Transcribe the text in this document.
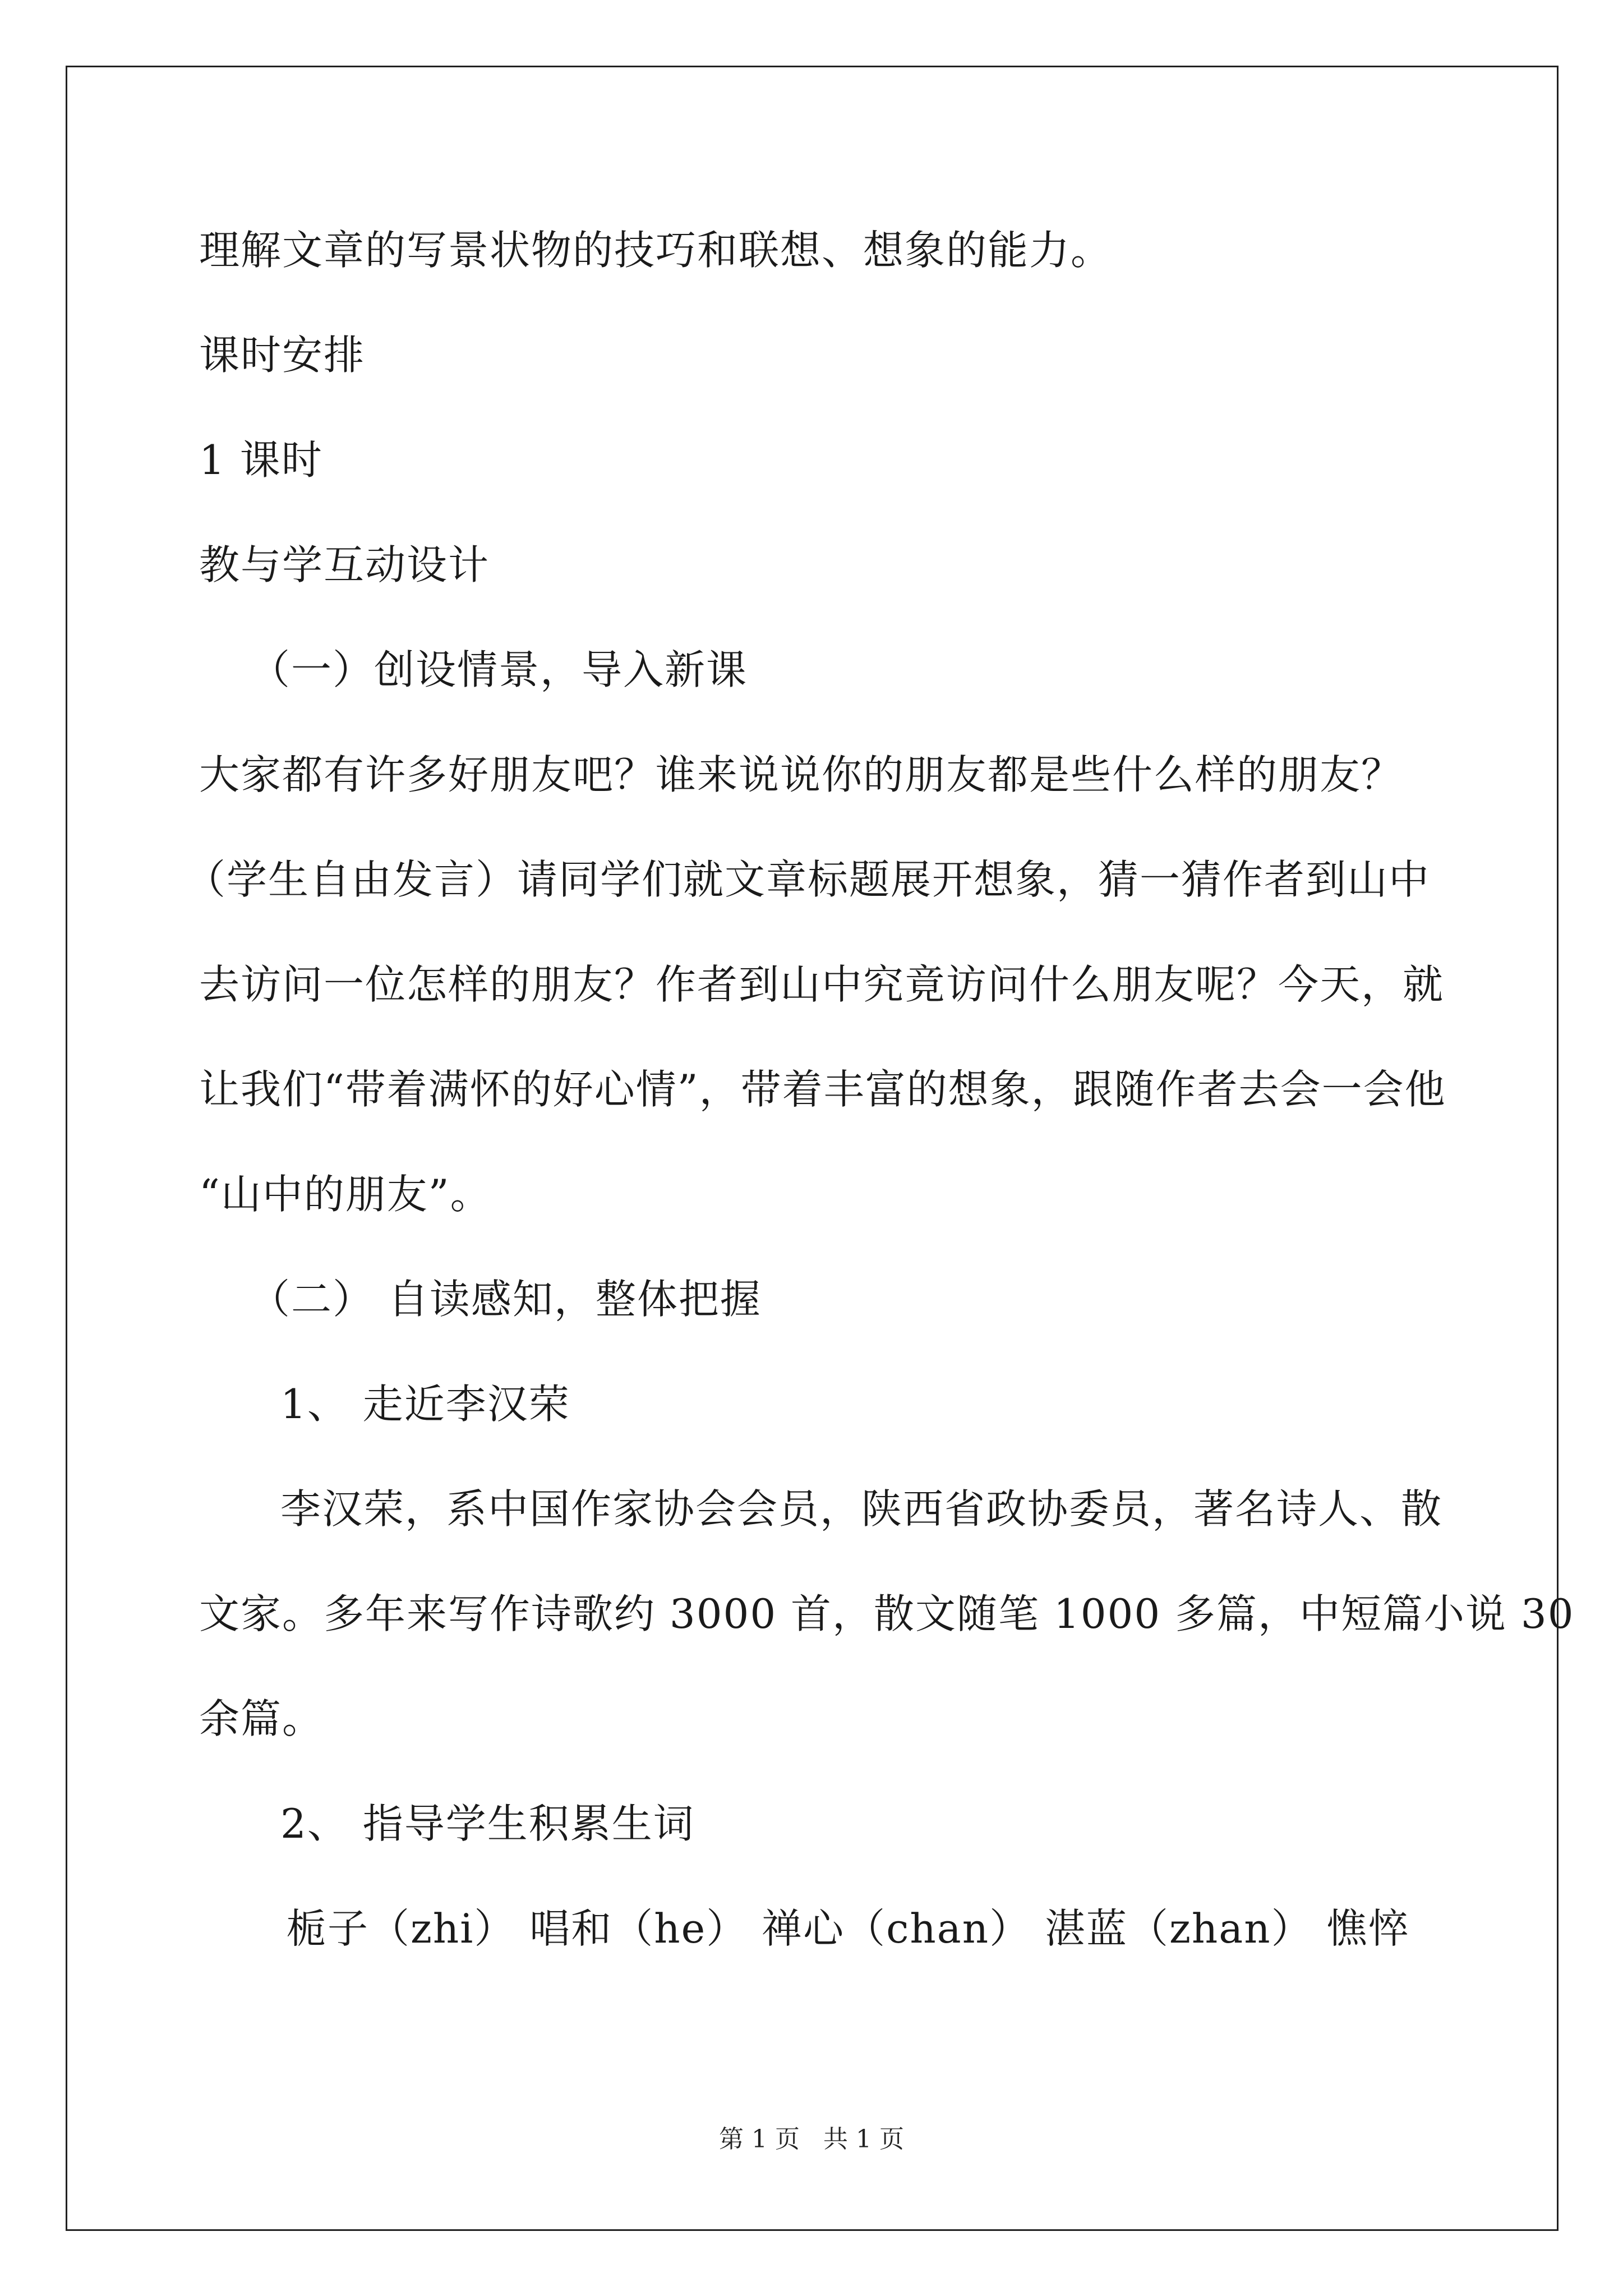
理解文章的写景状物的技巧和联想、想象的能力。

课时安排

1 课时

教与学互动设计

（一）创设情景，导入新课

大家都有许多好朋友吧？谁来说说你的朋友都是些什么样的朋友？

（学生自由发言）请同学们就文章标题展开想象，猜一猜作者到山中

去访问一位怎样的朋友？作者到山中究竟访问什么朋友呢？今天，就

让我们“带着满怀的好心情”，带着丰富的想象，跟随作者去会一会他

“山中的朋友”。

（二） 自读感知，整体把握

1、 走近李汉荣

李汉荣，系中国作家协会会员，陕西省政协委员，著名诗人、散

文家。多年来写作诗歌约 3000 首，散文随笔 1000 多篇，中短篇小说 30

余篇。

2、 指导学生积累生词

栀子（zhi） 唱和（he） 禅心（chan） 湛蓝（zhan） 憔悴

第 1 页 共 1 页
